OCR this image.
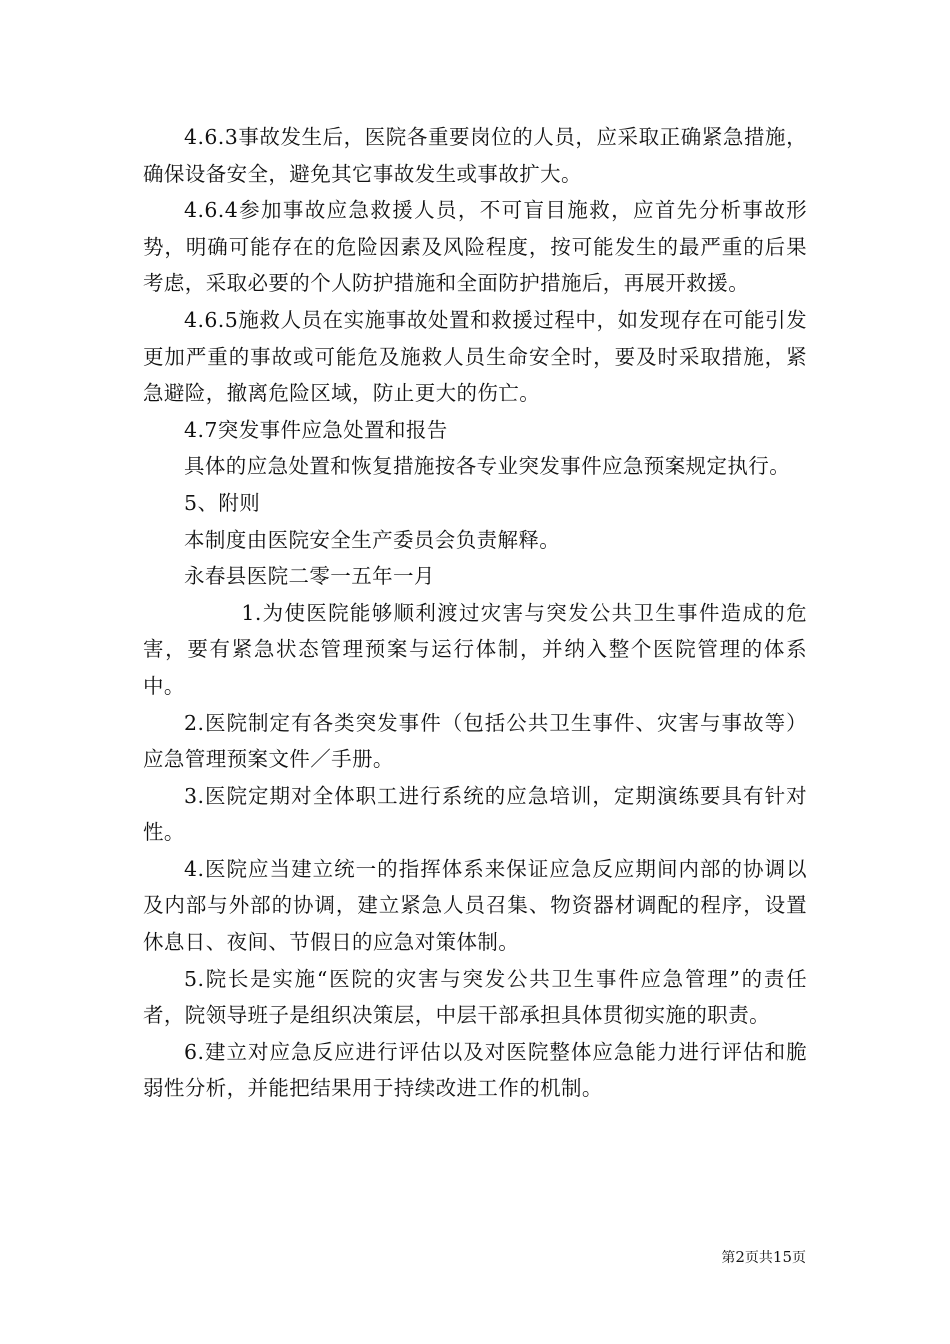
4.6.3事故发生后，医院各重要岗位的人员，应采取正确紧急措施，确保设备安全，避免其它事故发生或事故扩大。

4.6.4参加事故应急救援人员，不可盲目施救，应首先分析事故形势，明确可能存在的危险因素及风险程度，按可能发生的最严重的后果考虑，采取必要的个人防护措施和全面防护措施后，再展开救援。

4.6.5施救人员在实施事故处置和救援过程中，如发现存在可能引发更加严重的事故或可能危及施救人员生命安全时，要及时采取措施，紧急避险，撤离危险区域，防止更大的伤亡。

4.7突发事件应急处置和报告

具体的应急处置和恢复措施按各专业突发事件应急预案规定执行。

5、附则

本制度由医院安全生产委员会负责解释。

永春县医院二零一五年一月

1.为使医院能够顺利渡过灾害与突发公共卫生事件造成的危害，要有紧急状态管理预案与运行体制，并纳入整个医院管理的体系中。

2.医院制定有各类突发事件（包括公共卫生事件、灾害与事故等）应急管理预案文件／手册。

3.医院定期对全体职工进行系统的应急培训，定期演练要具有针对性。

4.医院应当建立统一的指挥体系来保证应急反应期间内部的协调以及内部与外部的协调，建立紧急人员召集、物资器材调配的程序，设置休息日、夜间、节假日的应急对策体制。

5.院长是实施“医院的灾害与突发公共卫生事件应急管理”的责任者，院领导班子是组织决策层，中层干部承担具体贯彻实施的职责。

6.建立对应急反应进行评估以及对医院整体应急能力进行评估和脆弱性分析，并能把结果用于持续改进工作的机制。

第2页共15页
